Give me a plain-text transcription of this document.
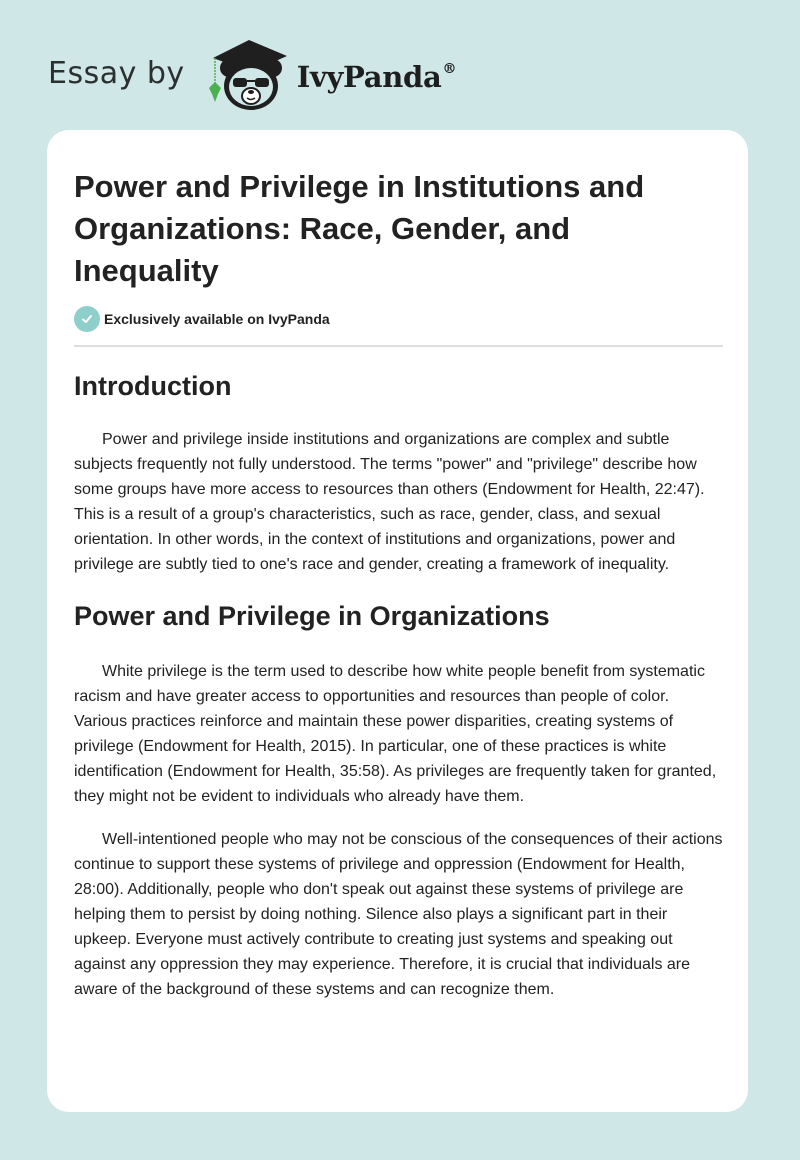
Essay by	IvyPanda®
Power and Privilege in Institutions and Organizations: Race, Gender, and Inequality
Exclusively available on IvyPanda
Introduction

Power and privilege inside institutions and organizations are complex and subtle subjects frequently not fully understood. The terms "power" and "privilege" describe how some groups have more access to resources than others (Endowment for Health, 22:47). This is a result of a group's characteristics, such as race, gender, class, and sexual orientation. In other words, in the context of institutions and organizations, power and privilege are subtly tied to one's race and gender, creating a framework of inequality.

Power and Privilege in Organizations

White privilege is the term used to describe how white people benefit from systematic racism and have greater access to opportunities and resources than people of color. Various practices reinforce and maintain these power disparities, creating systems of privilege (Endowment for Health, 2015). In particular, one of these practices is white identification (Endowment for Health, 35:58). As privileges are frequently taken for granted, they might not be evident to individuals who already have them.

Well-intentioned people who may not be conscious of the consequences of their actions continue to support these systems of privilege and oppression (Endowment for Health, 28:00). Additionally, people who don't speak out against these systems of privilege are helping them to persist by doing nothing. Silence also plays a significant part in their upkeep. Everyone must actively contribute to creating just systems and speaking out against any oppression they may experience. Therefore, it is crucial that individuals are aware of the background of these systems and can recognize them.
